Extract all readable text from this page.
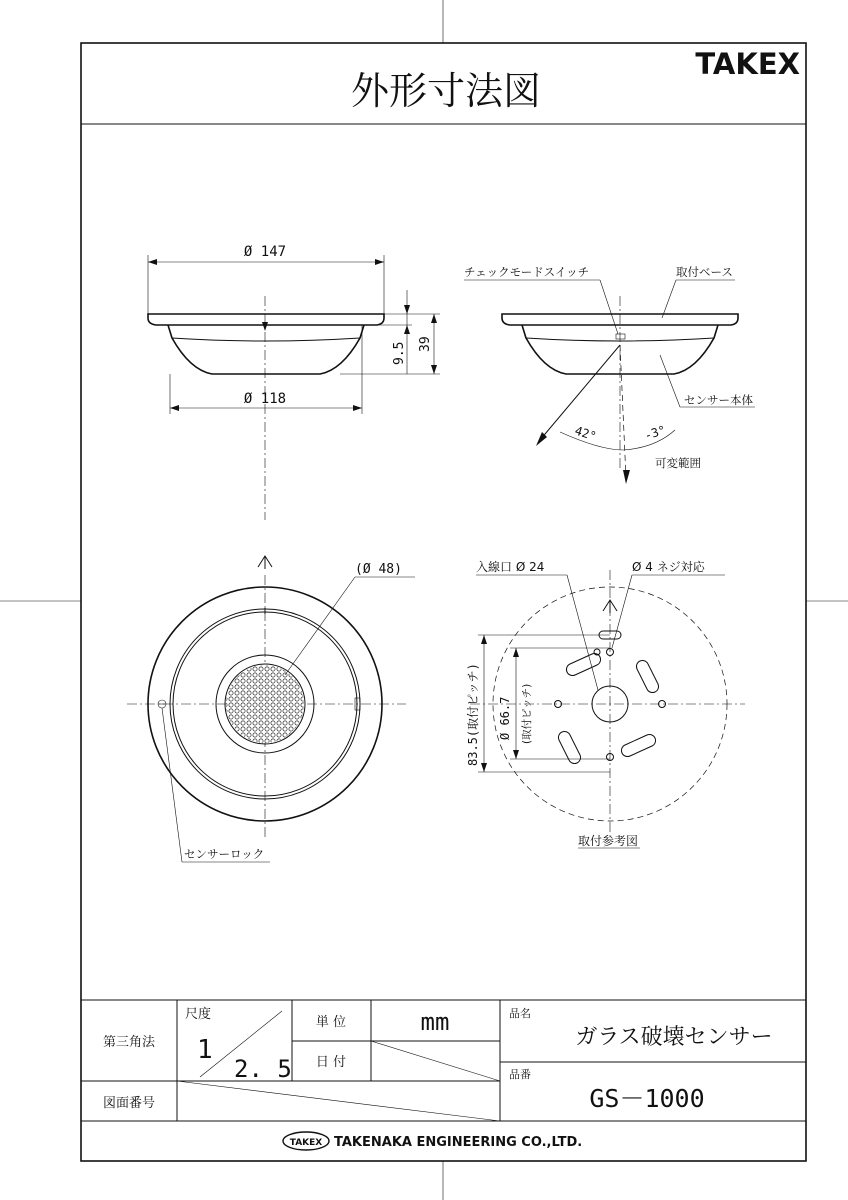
外形寸法図
TAKEX
Ø 147
Ø 118
9.5 39
チェックモードスイッチ	取付ベース
センサー本体
42°	-3°
可変範囲
(Ø 48)
センサーロック
入線口 Ø 24	Ø 4 ネジ対応
83.5(取付ピッチ) Ø 66.7 (取付ピッチ)
取付参考図
第三角法
尺度
1
2. 5
単 位	mm
日 付
品名
ガラス破壊センサー
品番
GS－1000
図面番号
TAKEX TAKENAKA ENGINEERING CO.,LTD.
